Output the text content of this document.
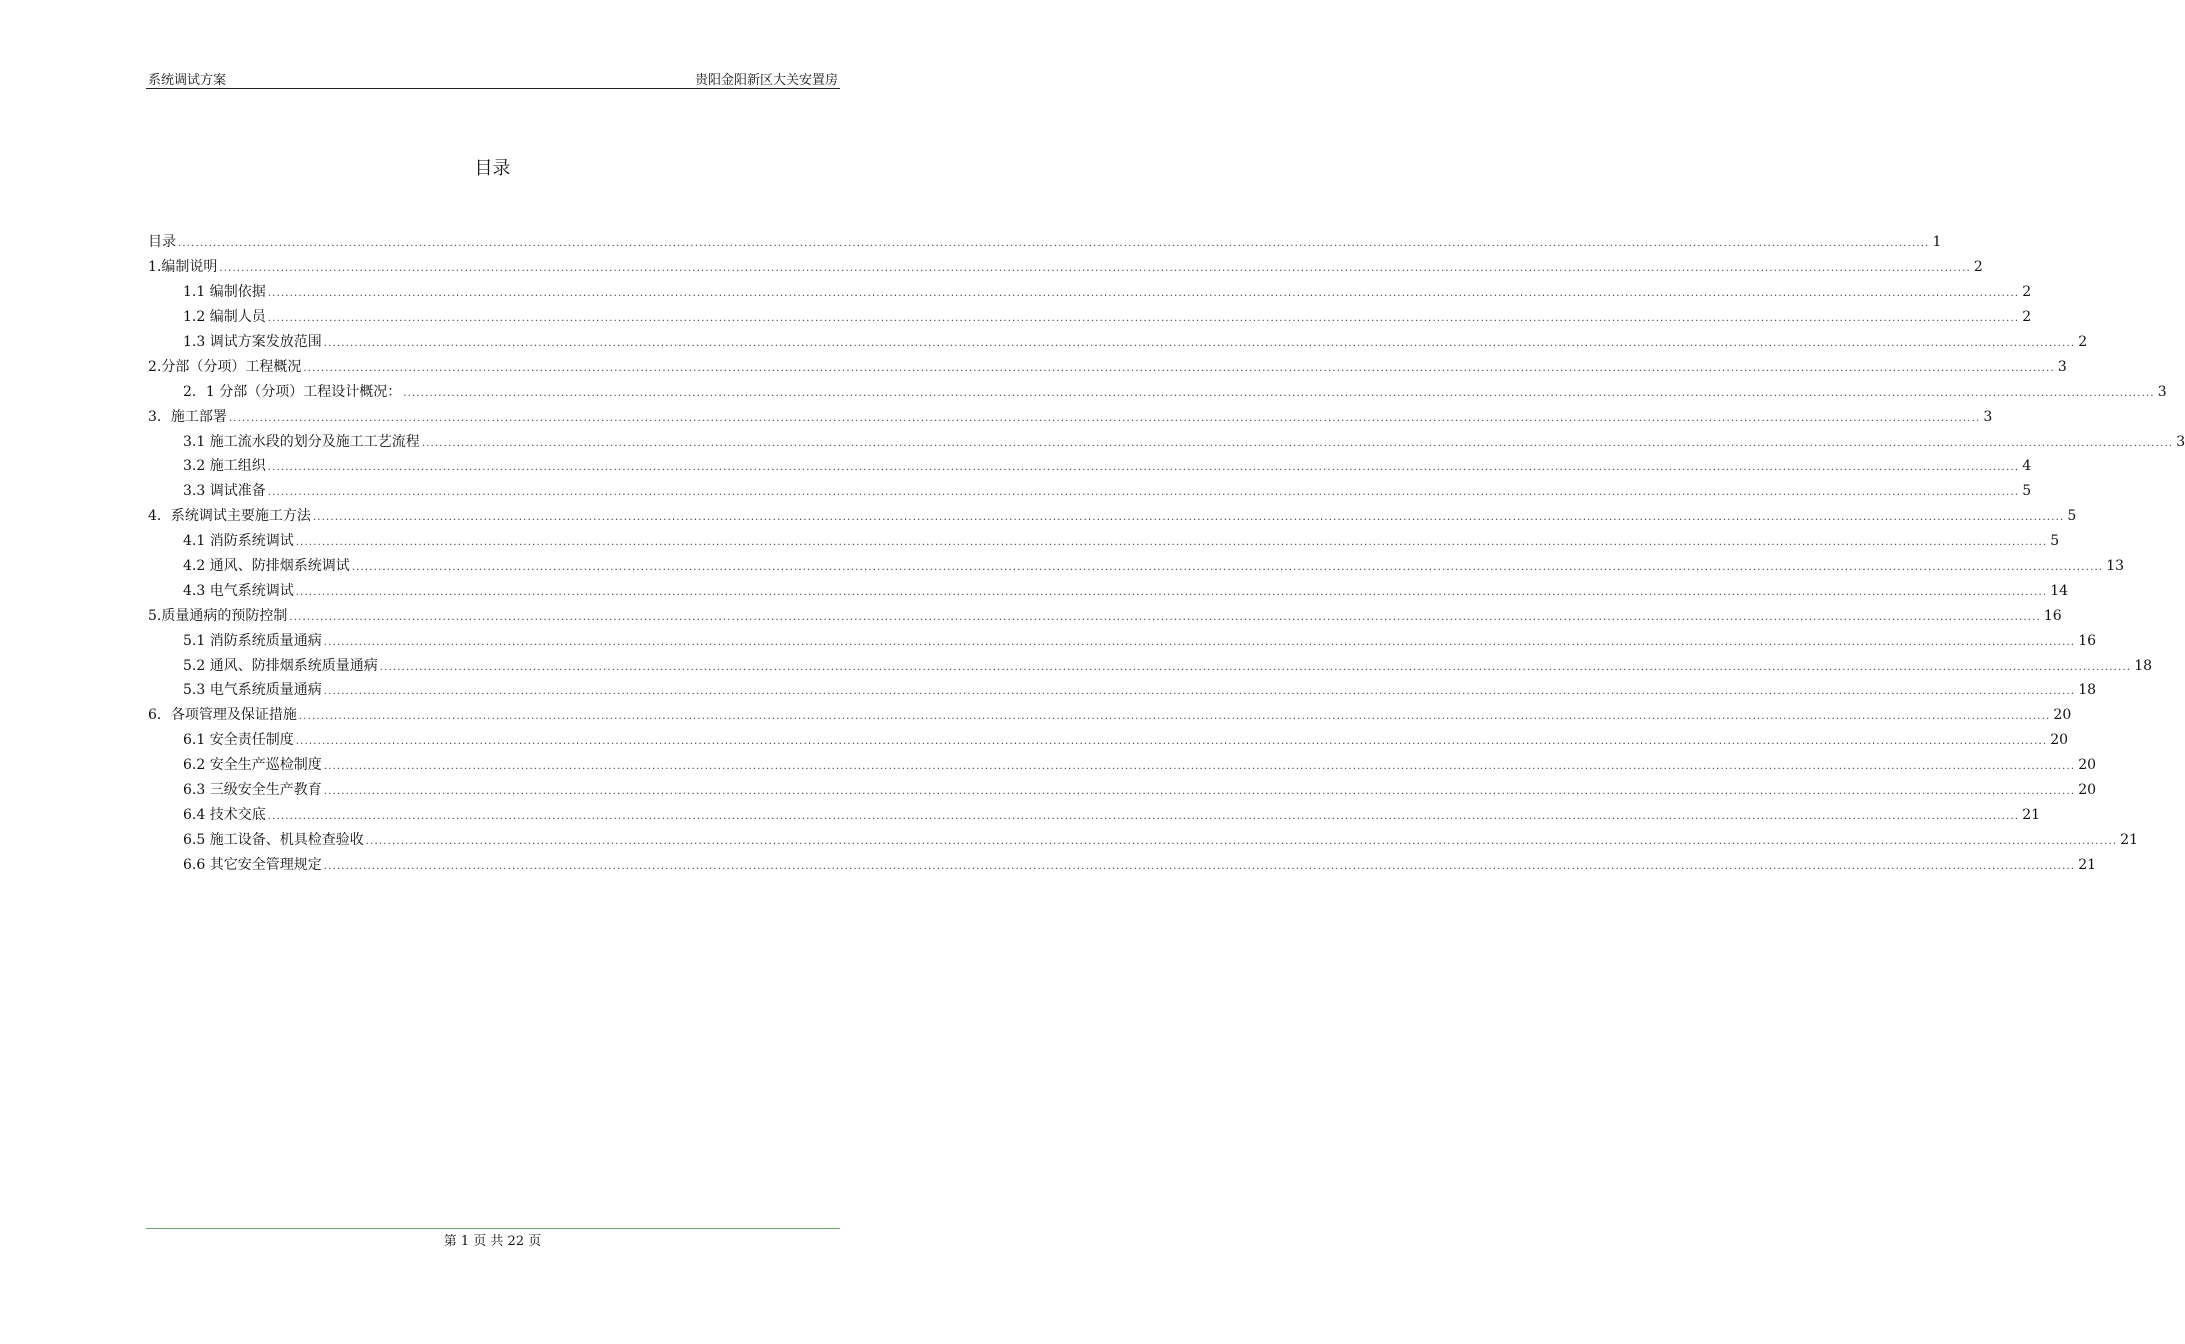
系统调试方案	贵阳金阳新区大关安置房
目录
目录 ................................................................................................................................................................................................................................................................................................................................................................................................................ 1
1.编制说明 ................................................................................................................................................................................................................................................................................................................................................................................................................ 2
1.1 编制依据 ................................................................................................................................................................................................................................................................................................................................................................................................................ 2
1.2 编制人员 ................................................................................................................................................................................................................................................................................................................................................................................................................ 2
1.3 调试方案发放范围 ................................................................................................................................................................................................................................................................................................................................................................................................................ 2
2.分部（分项）工程概况 ................................................................................................................................................................................................................................................................................................................................................................................................................ 3
2．1 分部（分项）工程设计概况： ................................................................................................................................................................................................................................................................................................................................................................................................................ 3
3．施工部署 ................................................................................................................................................................................................................................................................................................................................................................................................................ 3
3.1 施工流水段的划分及施工工艺流程 ................................................................................................................................................................................................................................................................................................................................................................................................................ 3
3.2 施工组织 ................................................................................................................................................................................................................................................................................................................................................................................................................ 4
3.3 调试准备 ................................................................................................................................................................................................................................................................................................................................................................................................................ 5
4．系统调试主要施工方法 ................................................................................................................................................................................................................................................................................................................................................................................................................ 5
4.1 消防系统调试 ................................................................................................................................................................................................................................................................................................................................................................................................................ 5
4.2 通风、防排烟系统调试 ................................................................................................................................................................................................................................................................................................................................................................................................................ 13
4.3 电气系统调试 ................................................................................................................................................................................................................................................................................................................................................................................................................ 14
5.质量通病的预防控制 ................................................................................................................................................................................................................................................................................................................................................................................................................ 16
5.1 消防系统质量通病 ................................................................................................................................................................................................................................................................................................................................................................................................................ 16
5.2 通风、防排烟系统质量通病 ................................................................................................................................................................................................................................................................................................................................................................................................................ 18
5.3 电气系统质量通病 ................................................................................................................................................................................................................................................................................................................................................................................................................ 18
6．各项管理及保证措施 ................................................................................................................................................................................................................................................................................................................................................................................................................ 20
6.1 安全责任制度 ................................................................................................................................................................................................................................................................................................................................................................................................................ 20
6.2 安全生产巡检制度 ................................................................................................................................................................................................................................................................................................................................................................................................................ 20
6.3 三级安全生产教育 ................................................................................................................................................................................................................................................................................................................................................................................................................ 20
6.4 技术交底 ................................................................................................................................................................................................................................................................................................................................................................................................................ 21
6.5 施工设备、机具检查验收 ................................................................................................................................................................................................................................................................................................................................................................................................................ 21
6.6 其它安全管理规定 ................................................................................................................................................................................................................................................................................................................................................................................................................ 21
第 1 页 共 22 页
